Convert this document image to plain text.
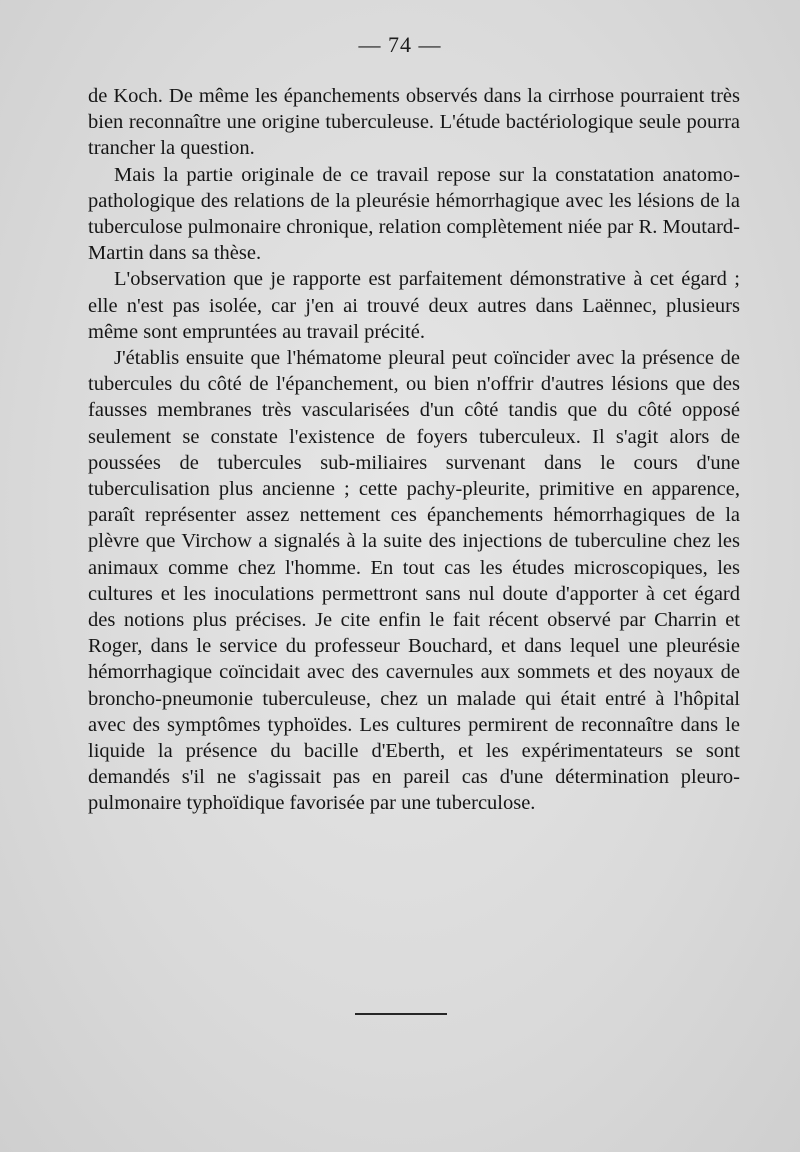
— 74 —

de Koch. De même les épanchements observés dans la cirrhose pourraient très bien reconnaître une origine tuberculeuse. L'étude bactériologique seule pourra trancher la question.

Mais la partie originale de ce travail repose sur la constatation anatomo-pathologique des relations de la pleurésie hémorrhagique avec les lésions de la tuberculose pulmonaire chronique, relation complètement niée par R. Moutard-Martin dans sa thèse.

L'observation que je rapporte est parfaitement démonstrative à cet égard ; elle n'est pas isolée, car j'en ai trouvé deux autres dans Laënnec, plusieurs même sont empruntées au travail précité.

J'établis ensuite que l'hématome pleural peut coïncider avec la présence de tubercules du côté de l'épanchement, ou bien n'offrir d'autres lésions que des fausses membranes très vascularisées d'un côté tandis que du côté opposé seulement se constate l'existence de foyers tuberculeux. Il s'agit alors de poussées de tubercules sub-miliaires survenant dans le cours d'une tuberculisation plus ancienne ; cette pachy-pleurite, primitive en apparence, paraît représenter assez nettement ces épanchements hémorrhagiques de la plèvre que Virchow a signalés à la suite des injections de tuberculine chez les animaux comme chez l'homme. En tout cas les études microscopiques, les cultures et les inoculations permettront sans nul doute d'apporter à cet égard des notions plus précises. Je cite enfin le fait récent observé par Charrin et Roger, dans le service du professeur Bouchard, et dans lequel une pleurésie hémorrhagique coïncidait avec des cavernules aux sommets et des noyaux de broncho-pneumonie tuberculeuse, chez un malade qui était entré à l'hôpital avec des symptômes typhoïdes. Les cultures permirent de reconnaître dans le liquide la présence du bacille d'Eberth, et les expérimentateurs se sont demandés s'il ne s'agissait pas en pareil cas d'une détermination pleuro-pulmonaire typhoïdique favorisée par une tuberculose.
